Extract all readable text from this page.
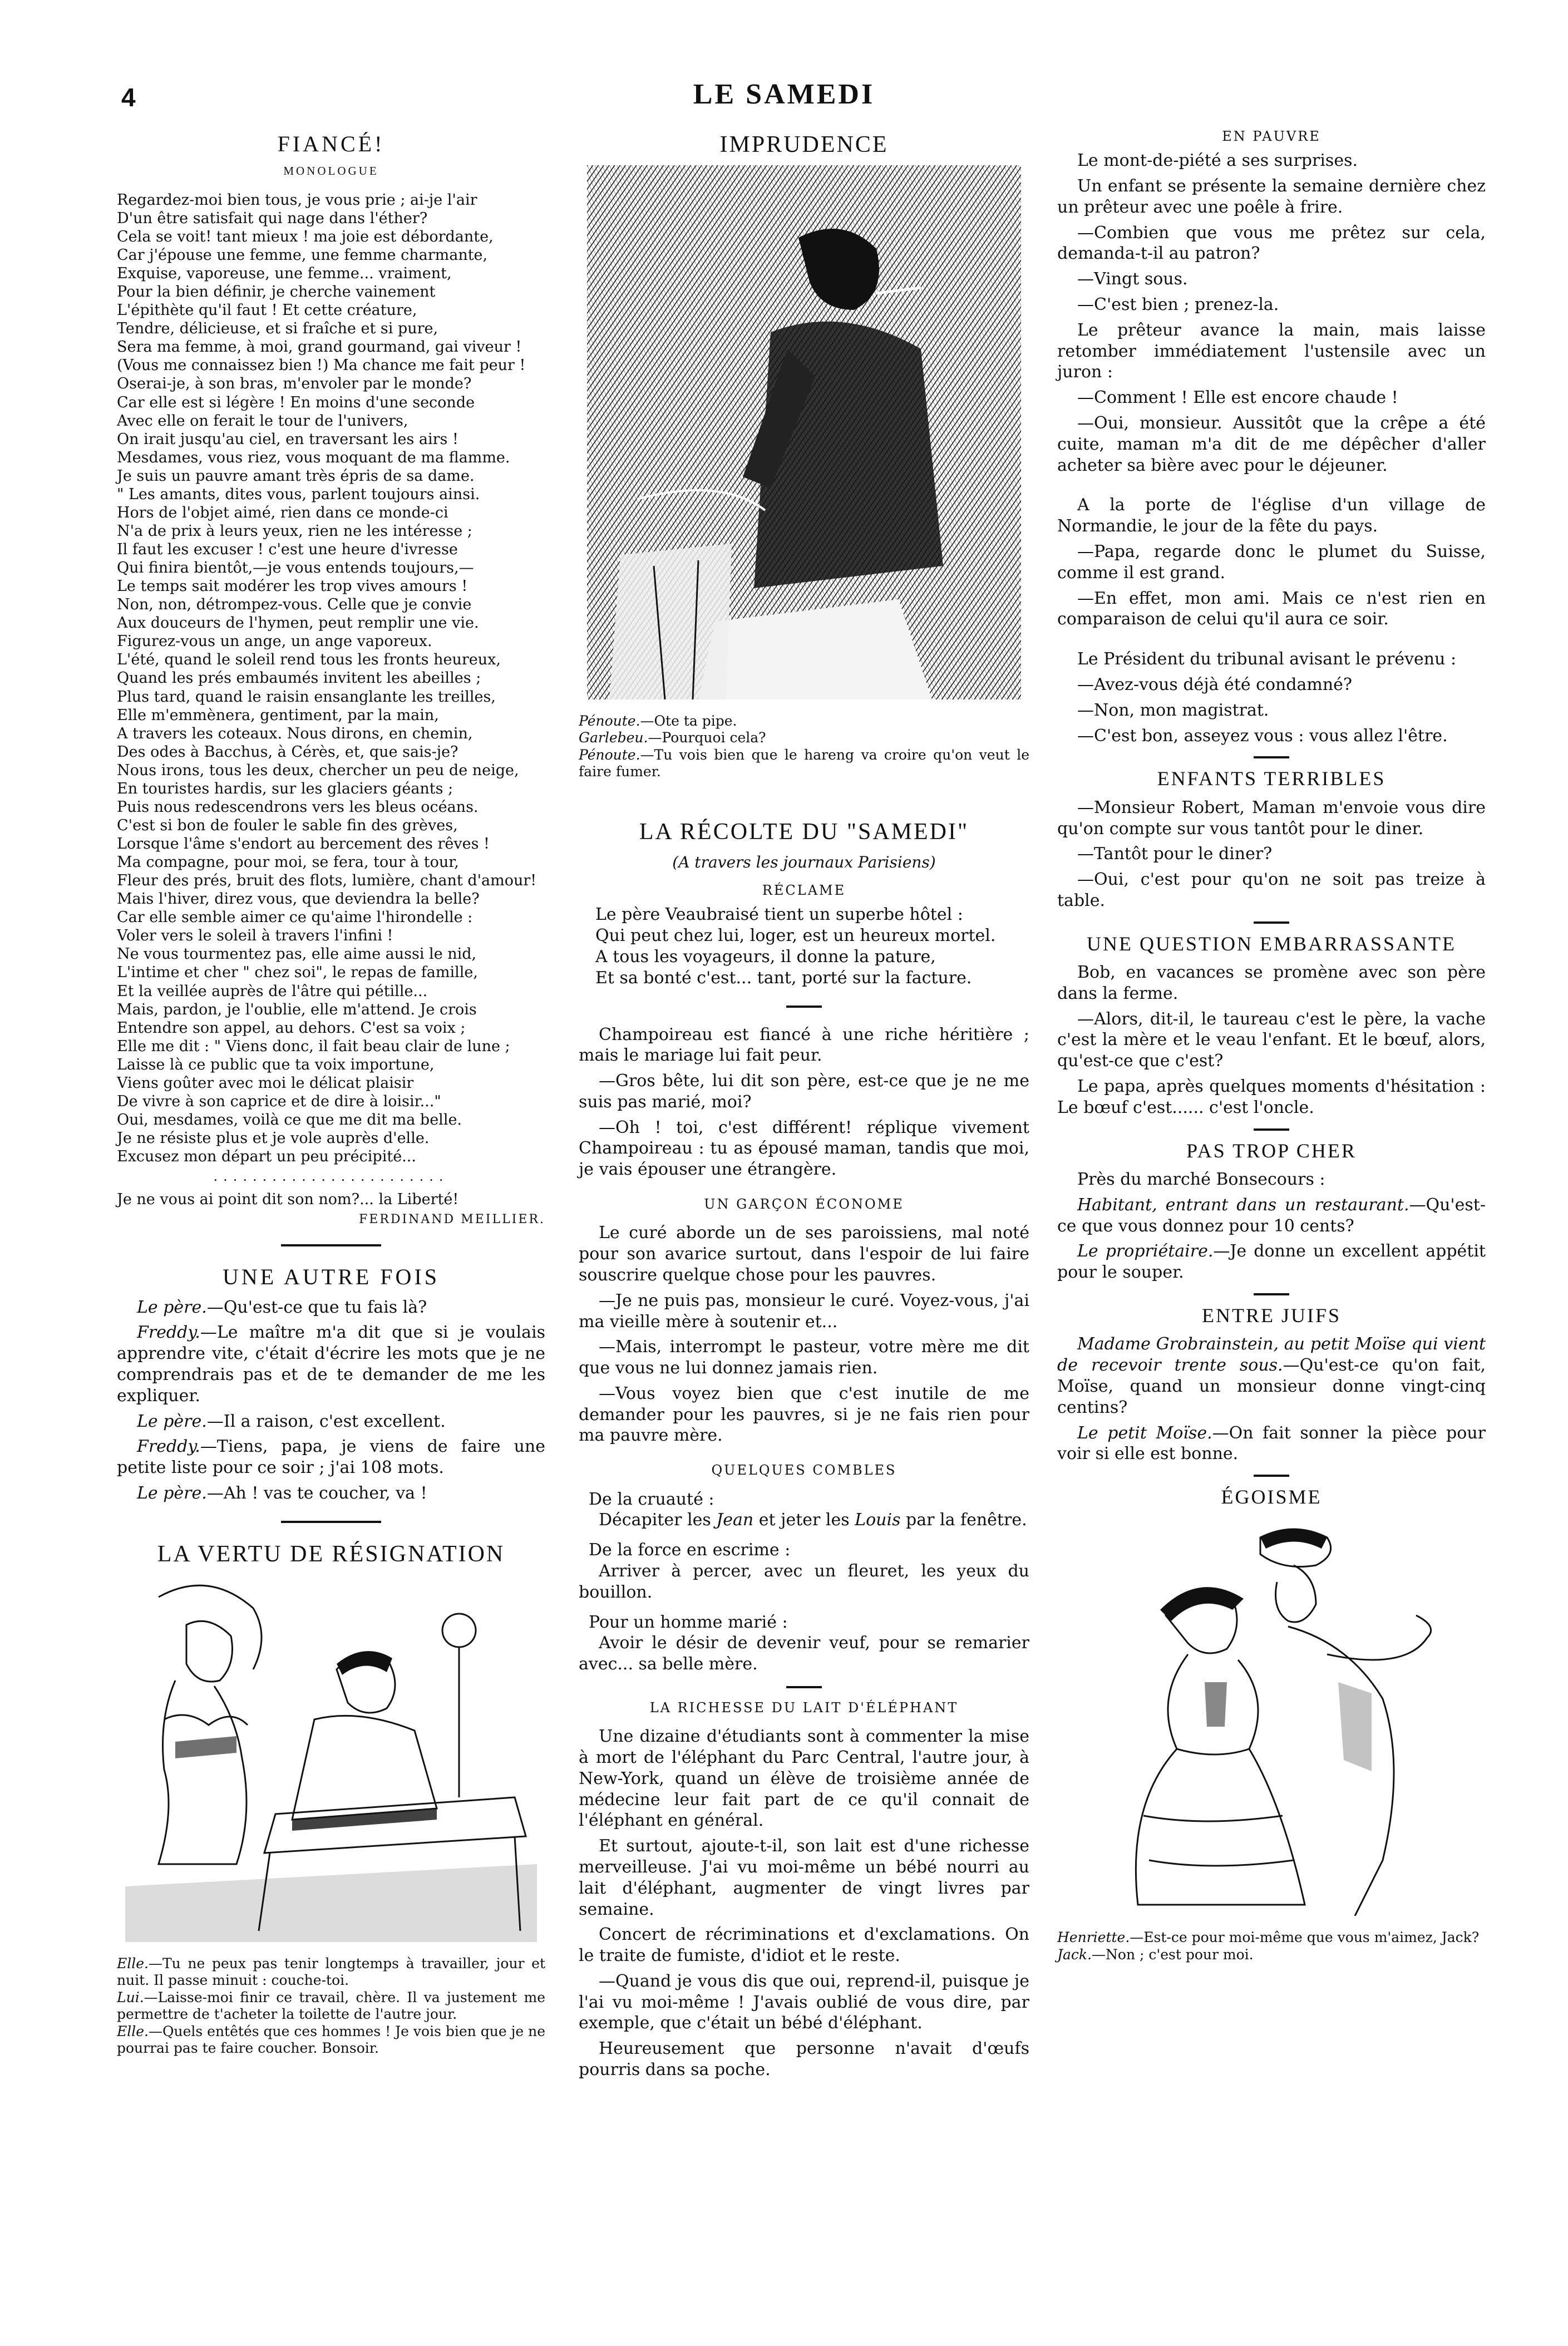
4	LE SAMEDI
FIANCÉ!
MONOLOGUE
Regardez-moi bien tous, je vous prie ; ai-je l'air
D'un être satisfait qui nage dans l'éther?
Cela se voit! tant mieux ! ma joie est débordante,
Car j'épouse une femme, une femme charmante,
Exquise, vaporeuse, une femme... vraiment,
Pour la bien définir, je cherche vainement
L'épithète qu'il faut ! Et cette créature,
Tendre, délicieuse, et si fraîche et si pure,
Sera ma femme, à moi, grand gourmand, gai viveur !
(Vous me connaissez bien !) Ma chance me fait peur !
Oserai-je, à son bras, m'envoler par le monde?
Car elle est si légère ! En moins d'une seconde
Avec elle on ferait le tour de l'univers,
On irait jusqu'au ciel, en traversant les airs !
Mesdames, vous riez, vous moquant de ma flamme.
Je suis un pauvre amant très épris de sa dame.
" Les amants, dites vous, parlent toujours ainsi.
Hors de l'objet aimé, rien dans ce monde-ci
N'a de prix à leurs yeux, rien ne les intéresse ;
Il faut les excuser ! c'est une heure d'ivresse
Qui finira bientôt,—je vous entends toujours,—
Le temps sait modérer les trop vives amours !
Non, non, détrompez-vous. Celle que je convie
Aux douceurs de l'hymen, peut remplir une vie.
Figurez-vous un ange, un ange vaporeux.
L'été, quand le soleil rend tous les fronts heureux,
Quand les prés embaumés invitent les abeilles ;
Plus tard, quand le raisin ensanglante les treilles,
Elle m'emmènera, gentiment, par la main,
A travers les coteaux. Nous dirons, en chemin,
Des odes à Bacchus, à Cérès, et, que sais-je?
Nous irons, tous les deux, chercher un peu de neige,
En touristes hardis, sur les glaciers géants ;
Puis nous redescendrons vers les bleus océans.
C'est si bon de fouler le sable fin des grèves,
Lorsque l'âme s'endort au bercement des rêves !
Ma compagne, pour moi, se fera, tour à tour,
Fleur des prés, bruit des flots, lumière, chant d'amour!
Mais l'hiver, direz vous, que deviendra la belle?
Car elle semble aimer ce qu'aime l'hirondelle :
Voler vers le soleil à travers l'infini !
Ne vous tourmentez pas, elle aime aussi le nid,
L'intime et cher " chez soi", le repas de famille,
Et la veillée auprès de l'âtre qui pétille...
Mais, pardon, je l'oublie, elle m'attend. Je crois
Entendre son appel, au dehors. C'est sa voix ;
Elle me dit : " Viens donc, il fait beau clair de lune ;
Laisse là ce public que ta voix importune,
Viens goûter avec moi le délicat plaisir
De vivre à son caprice et de dire à loisir..."
Oui, mesdames, voilà ce que me dit ma belle.
Je ne résiste plus et je vole auprès d'elle.
Excusez mon départ un peu précipité...
........................
Je ne vous ai point dit son nom?... la Liberté!
FERDINAND MEILLIER.
UNE AUTRE FOIS

Le père.—Qu'est-ce que tu fais là?

Freddy.—Le maître m'a dit que si je voulais apprendre vite, c'était d'écrire les mots que je ne comprendrais pas et de te demander de me les expliquer.

Le père.—Il a raison, c'est excellent.

Freddy.—Tiens, papa, je viens de faire une petite liste pour ce soir ; j'ai 108 mots.

Le père.—Ah ! vas te coucher, va !

LA VERTU DE RÉSIGNATION

Elle.—Tu ne peux pas tenir longtemps à travailler, jour et nuit. Il passe minuit : couche-toi.

Lui.—Laisse-moi finir ce travail, chère. Il va justement me permettre de t'acheter la toilette de l'autre jour.

Elle.—Quels entêtés que ces hommes ! Je vois bien que je ne pourrai pas te faire coucher. Bonsoir.

IMPRUDENCE

Pénoute.—Ote ta pipe.

Garlebeu.—Pourquoi cela?

Pénoute.—Tu vois bien que le hareng va croire qu'on veut le faire fumer.

LA RÉCOLTE DU "SAMEDI"
(A travers les journaux Parisiens)
RÉCLAME
Le père Veaubraisé tient un superbe hôtel :
Qui peut chez lui, loger, est un heureux mortel.
A tous les voyageurs, il donne la pature,
Et sa bonté c'est... tant, porté sur la facture.

Champoireau est fiancé à une riche héritière ; mais le mariage lui fait peur.

—Gros bête, lui dit son père, est-ce que je ne me suis pas marié, moi?

—Oh ! toi, c'est différent! réplique vivement Champoireau : tu as épousé maman, tandis que moi, je vais épouser une étrangère.

UN GARÇON ÉCONOME

Le curé aborde un de ses paroissiens, mal noté pour son avarice surtout, dans l'espoir de lui faire souscrire quelque chose pour les pauvres.

—Je ne puis pas, monsieur le curé. Voyez-vous, j'ai ma vieille mère à soutenir et...

—Mais, interrompt le pasteur, votre mère me dit que vous ne lui donnez jamais rien.

—Vous voyez bien que c'est inutile de me demander pour les pauvres, si je ne fais rien pour ma pauvre mère.

QUELQUES COMBLES

De la cruauté :

Décapiter les Jean et jeter les Louis par la fenêtre.

De la force en escrime :

Arriver à percer, avec un fleuret, les yeux du bouillon.

Pour un homme marié :

Avoir le désir de devenir veuf, pour se remarier avec... sa belle mère.

LA RICHESSE DU LAIT D'ÉLÉPHANT

Une dizaine d'étudiants sont à commenter la mise à mort de l'éléphant du Parc Central, l'autre jour, à New-York, quand un élève de troisième année de médecine leur fait part de ce qu'il connait de l'éléphant en général.

Et surtout, ajoute-t-il, son lait est d'une richesse merveilleuse. J'ai vu moi-même un bébé nourri au lait d'éléphant, augmenter de vingt livres par semaine.

Concert de récriminations et d'exclamations. On le traite de fumiste, d'idiot et le reste.

—Quand je vous dis que oui, reprend-il, puisque je l'ai vu moi-même ! J'avais oublié de vous dire, par exemple, que c'était un bébé d'éléphant.

Heureusement que personne n'avait d'œufs pourris dans sa poche.

EN PAUVRE

Le mont-de-piété a ses surprises.

Un enfant se présente la semaine dernière chez un prêteur avec une poêle à frire.

—Combien que vous me prêtez sur cela, demanda-t-il au patron?

—Vingt sous.

—C'est bien ; prenez-la.

Le prêteur avance la main, mais laisse retomber immédiatement l'ustensile avec un juron :

—Comment ! Elle est encore chaude !

—Oui, monsieur. Aussitôt que la crêpe a été cuite, maman m'a dit de me dépêcher d'aller acheter sa bière avec pour le déjeuner.

A la porte de l'église d'un village de Normandie, le jour de la fête du pays.

—Papa, regarde donc le plumet du Suisse, comme il est grand.

—En effet, mon ami. Mais ce n'est rien en comparaison de celui qu'il aura ce soir.

Le Président du tribunal avisant le prévenu :

—Avez-vous déjà été condamné?

—Non, mon magistrat.

—C'est bon, asseyez vous : vous allez l'être.

ENFANTS TERRIBLES

—Monsieur Robert, Maman m'envoie vous dire qu'on compte sur vous tantôt pour le diner.

—Tantôt pour le diner?

—Oui, c'est pour qu'on ne soit pas treize à table.

UNE QUESTION EMBARRASSANTE

Bob, en vacances se promène avec son père dans la ferme.

—Alors, dit-il, le taureau c'est le père, la vache c'est la mère et le veau l'enfant. Et le bœuf, alors, qu'est-ce que c'est?

Le papa, après quelques moments d'hésitation : Le bœuf c'est...... c'est l'oncle.

PAS TROP CHER

Près du marché Bonsecours :

Habitant, entrant dans un restaurant.—Qu'est-ce que vous donnez pour 10 cents?

Le propriétaire.—Je donne un excellent appétit pour le souper.

ENTRE JUIFS

Madame Grobrainstein, au petit Moïse qui vient de recevoir trente sous.—Qu'est-ce qu'on fait, Moïse, quand un monsieur donne vingt-cinq centins?

Le petit Moïse.—On fait sonner la pièce pour voir si elle est bonne.

ÉGOISME

Henriette.—Est-ce pour moi-même que vous m'aimez, Jack?

Jack.—Non ; c'est pour moi.
